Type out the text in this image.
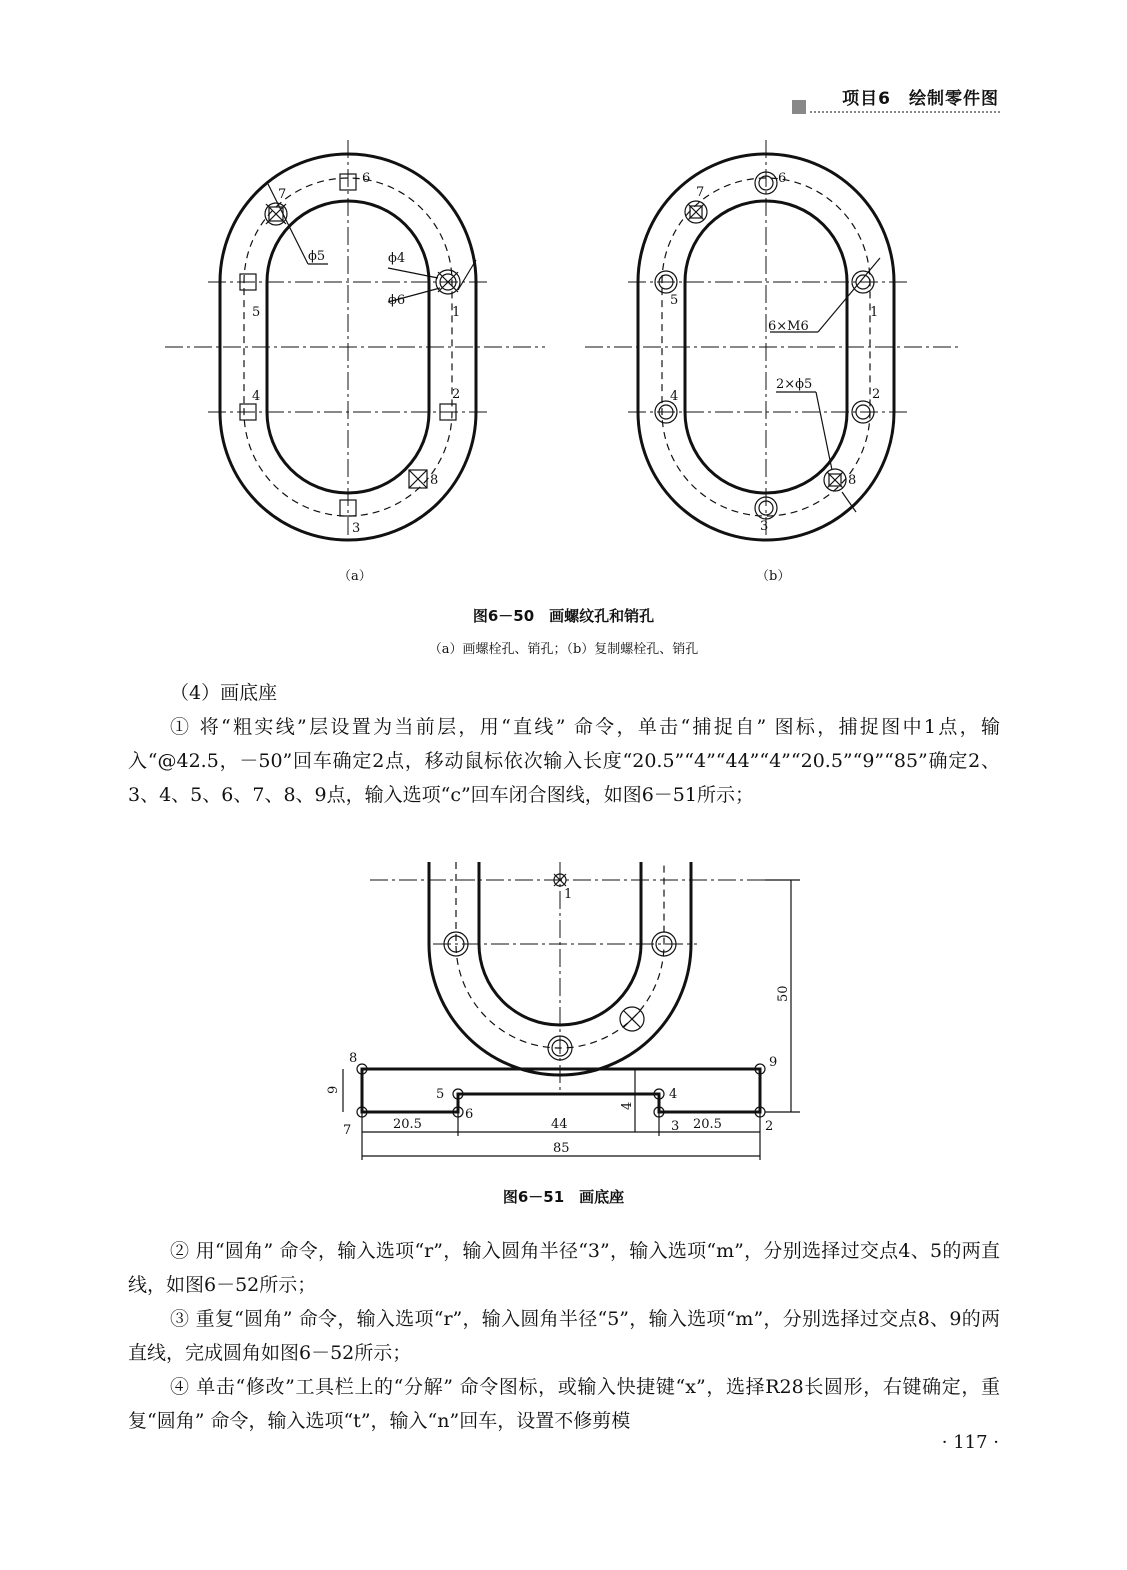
项目6　绘制零件图
ϕ5	ϕ4
ϕ6
1
2
3
4
5
6
7
8
（a）
6×M6
2×ϕ5
1
2
3
4
5
6
7
8
（b）
图6－50　画螺纹孔和销孔
（a）画螺栓孔、销孔；（b）复制螺栓孔、销孔
（4）画底座
① 将“粗实线”层设置为当前层，用“直线” 命令，单击“捕捉自” 图标，捕捉图中1点，输入“@42.5，－50”回车确定2点，移动鼠标依次输入长度“20.5”“4”“44”“4”“20.5”“9”“85”确定2、3、4、5、6、7、8、9点，输入选项“c”回车闭合图线，如图6－51所示；
50
9
4
20.5	44	20.5
85
1
2
3
4
5
6
7
8	9
图6－51　画底座
② 用“圆角” 命令，输入选项“r”，输入圆角半径“3”，输入选项“m”，分别选择过交点4、5的两直线，如图6－52所示；
③ 重复“圆角” 命令，输入选项“r”，输入圆角半径“5”，输入选项“m”，分别选择过交点8、9的两直线，完成圆角如图6－52所示；
④ 单击“修改”工具栏上的“分解” 命令图标，或输入快捷键“x”，选择R28长圆形，右键确定，重复“圆角” 命令，输入选项“t”，输入“n”回车，设置不修剪模
· 117 ·
